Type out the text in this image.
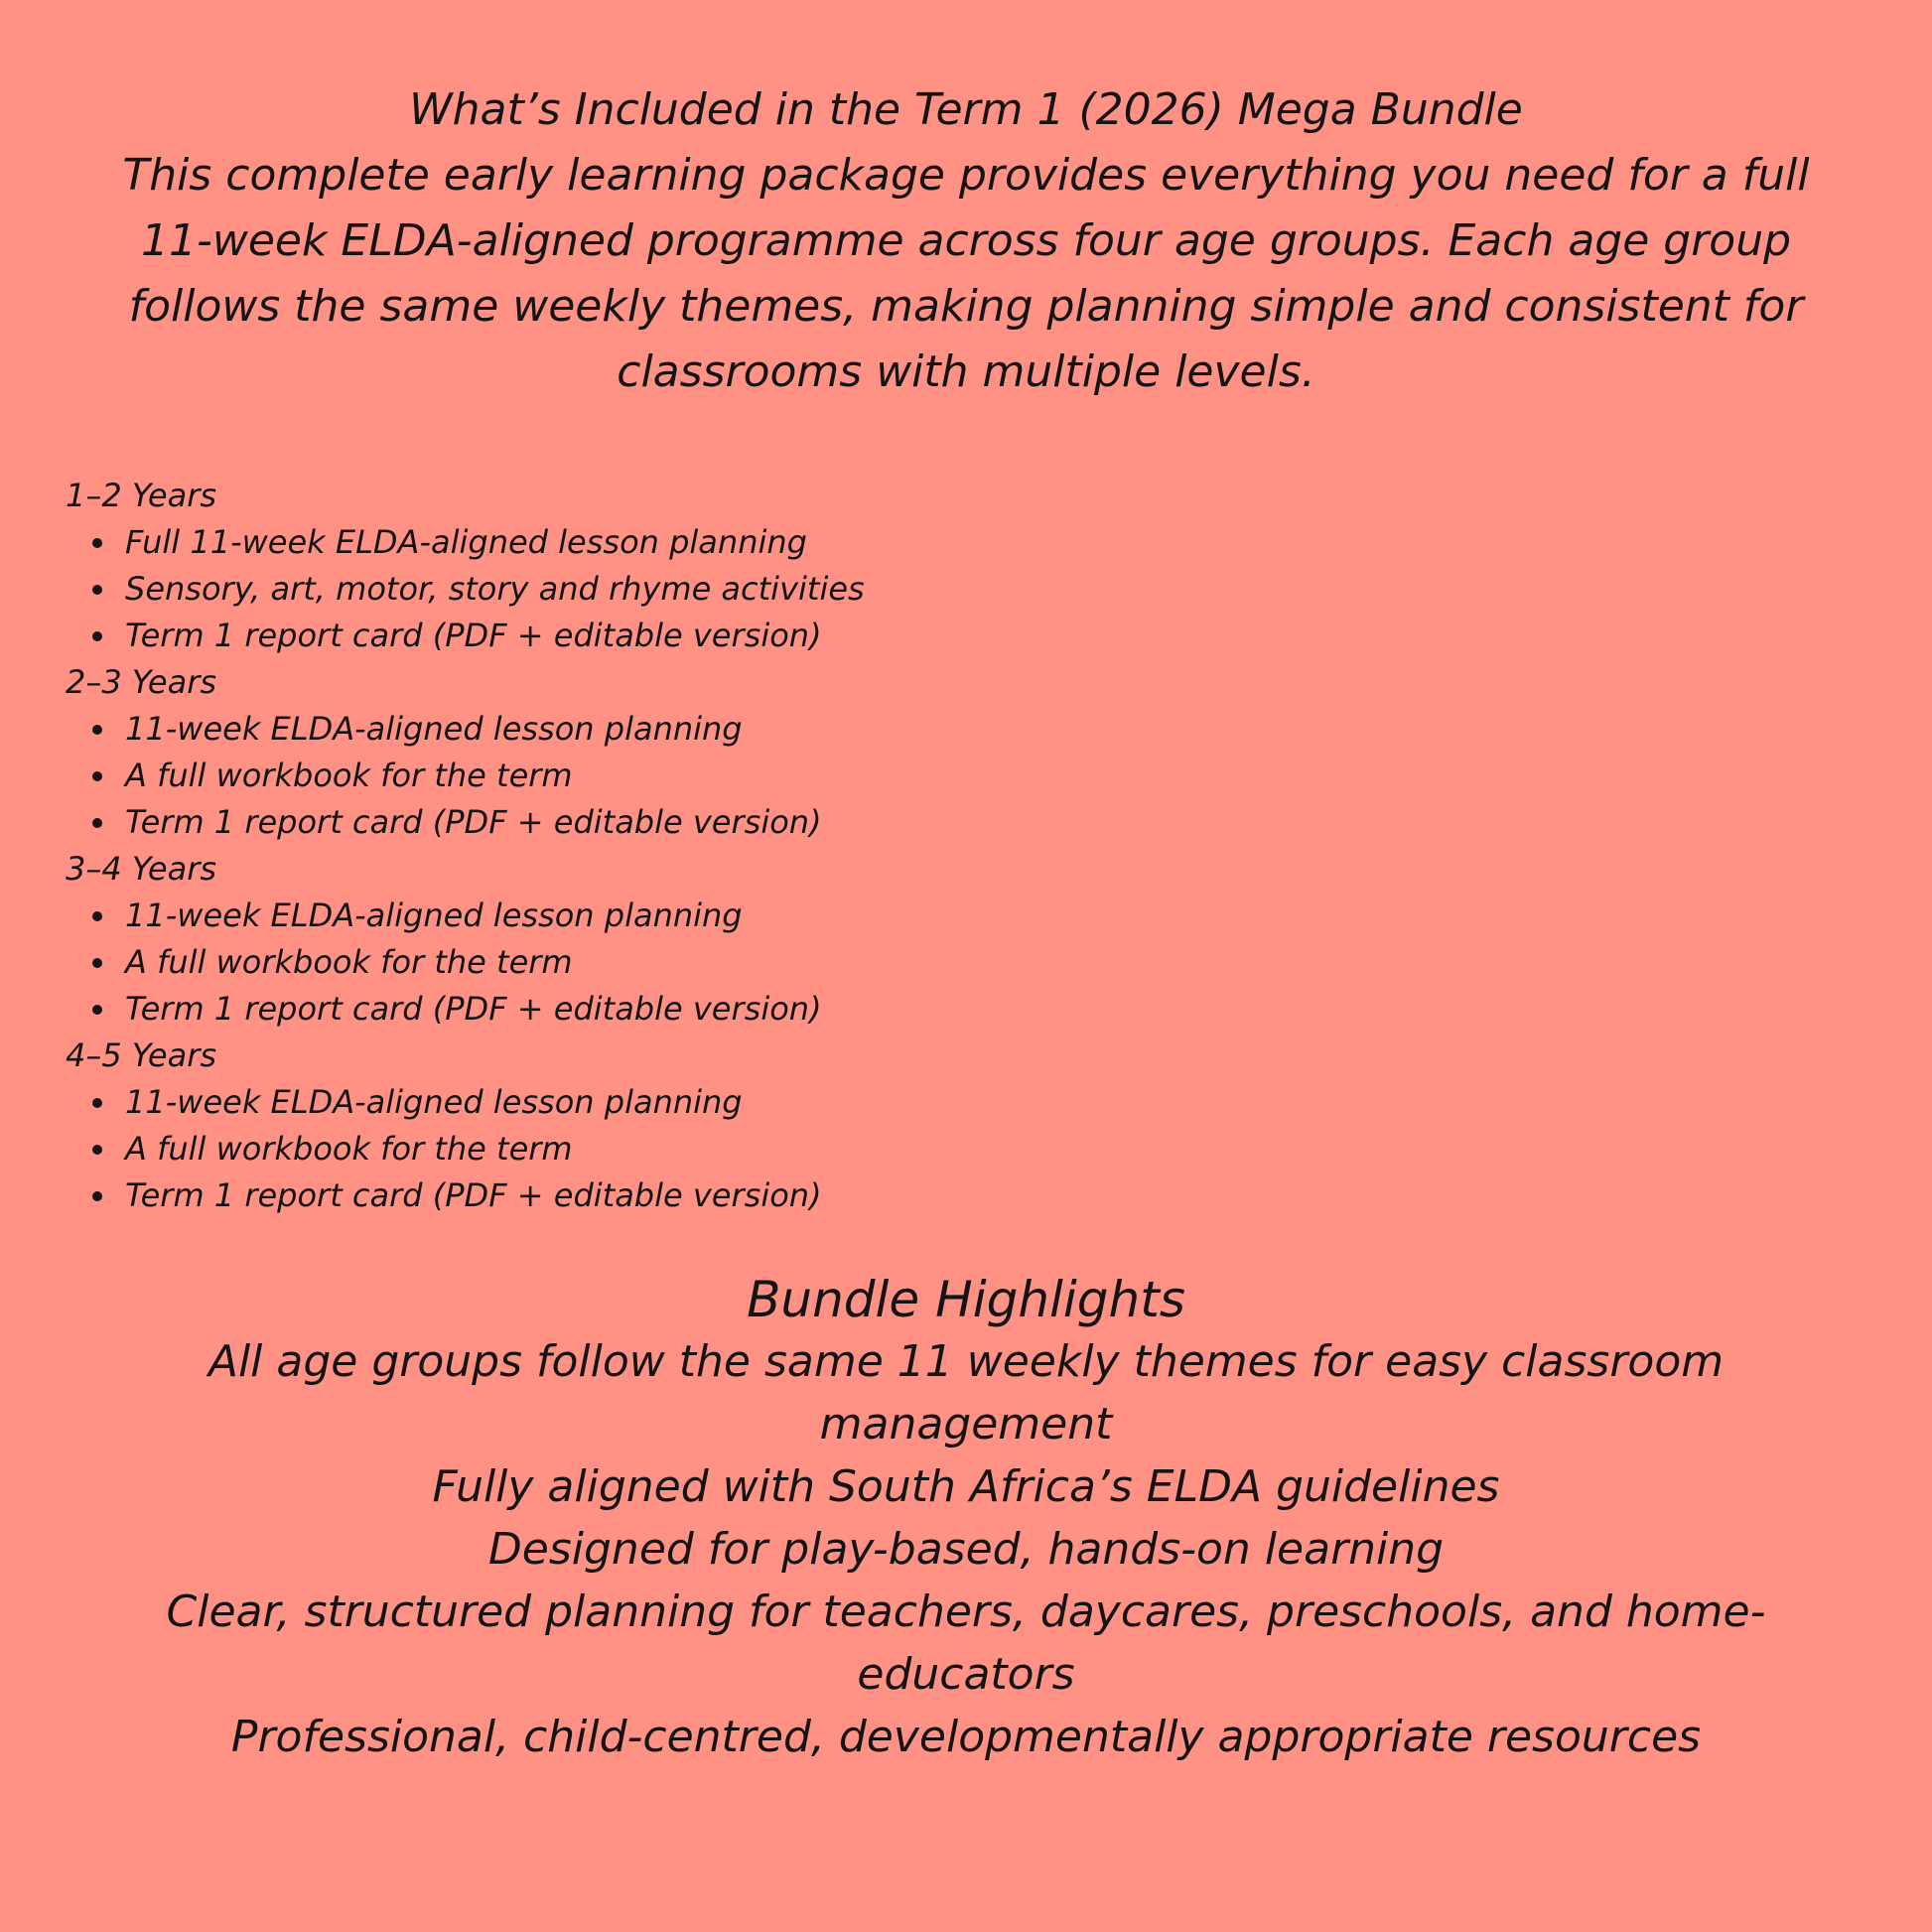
What’s Included in the Term 1 (2026) Mega Bundle

This complete early learning package provides everything you need for a full 11-week ELDA-aligned programme across four age groups. Each age group follows the same weekly themes, making planning simple and consistent for classrooms with multiple levels.

1–2 Years
Full 11-week ELDA-aligned lesson planning
Sensory, art, motor, story and rhyme activities
Term 1 report card (PDF + editable version)
2–3 Years
11-week ELDA-aligned lesson planning
A full workbook for the term
Term 1 report card (PDF + editable version)
3–4 Years
11-week ELDA-aligned lesson planning
A full workbook for the term
Term 1 report card (PDF + editable version)
4–5 Years
11-week ELDA-aligned lesson planning
A full workbook for the term
Term 1 report card (PDF + editable version)
Bundle Highlights

All age groups follow the same 11 weekly themes for easy classroom management

Fully aligned with South Africa’s ELDA guidelines

Designed for play-based, hands-on learning

Clear, structured planning for teachers, daycares, preschools, and home-educators

Professional, child-centred, developmentally appropriate resources
